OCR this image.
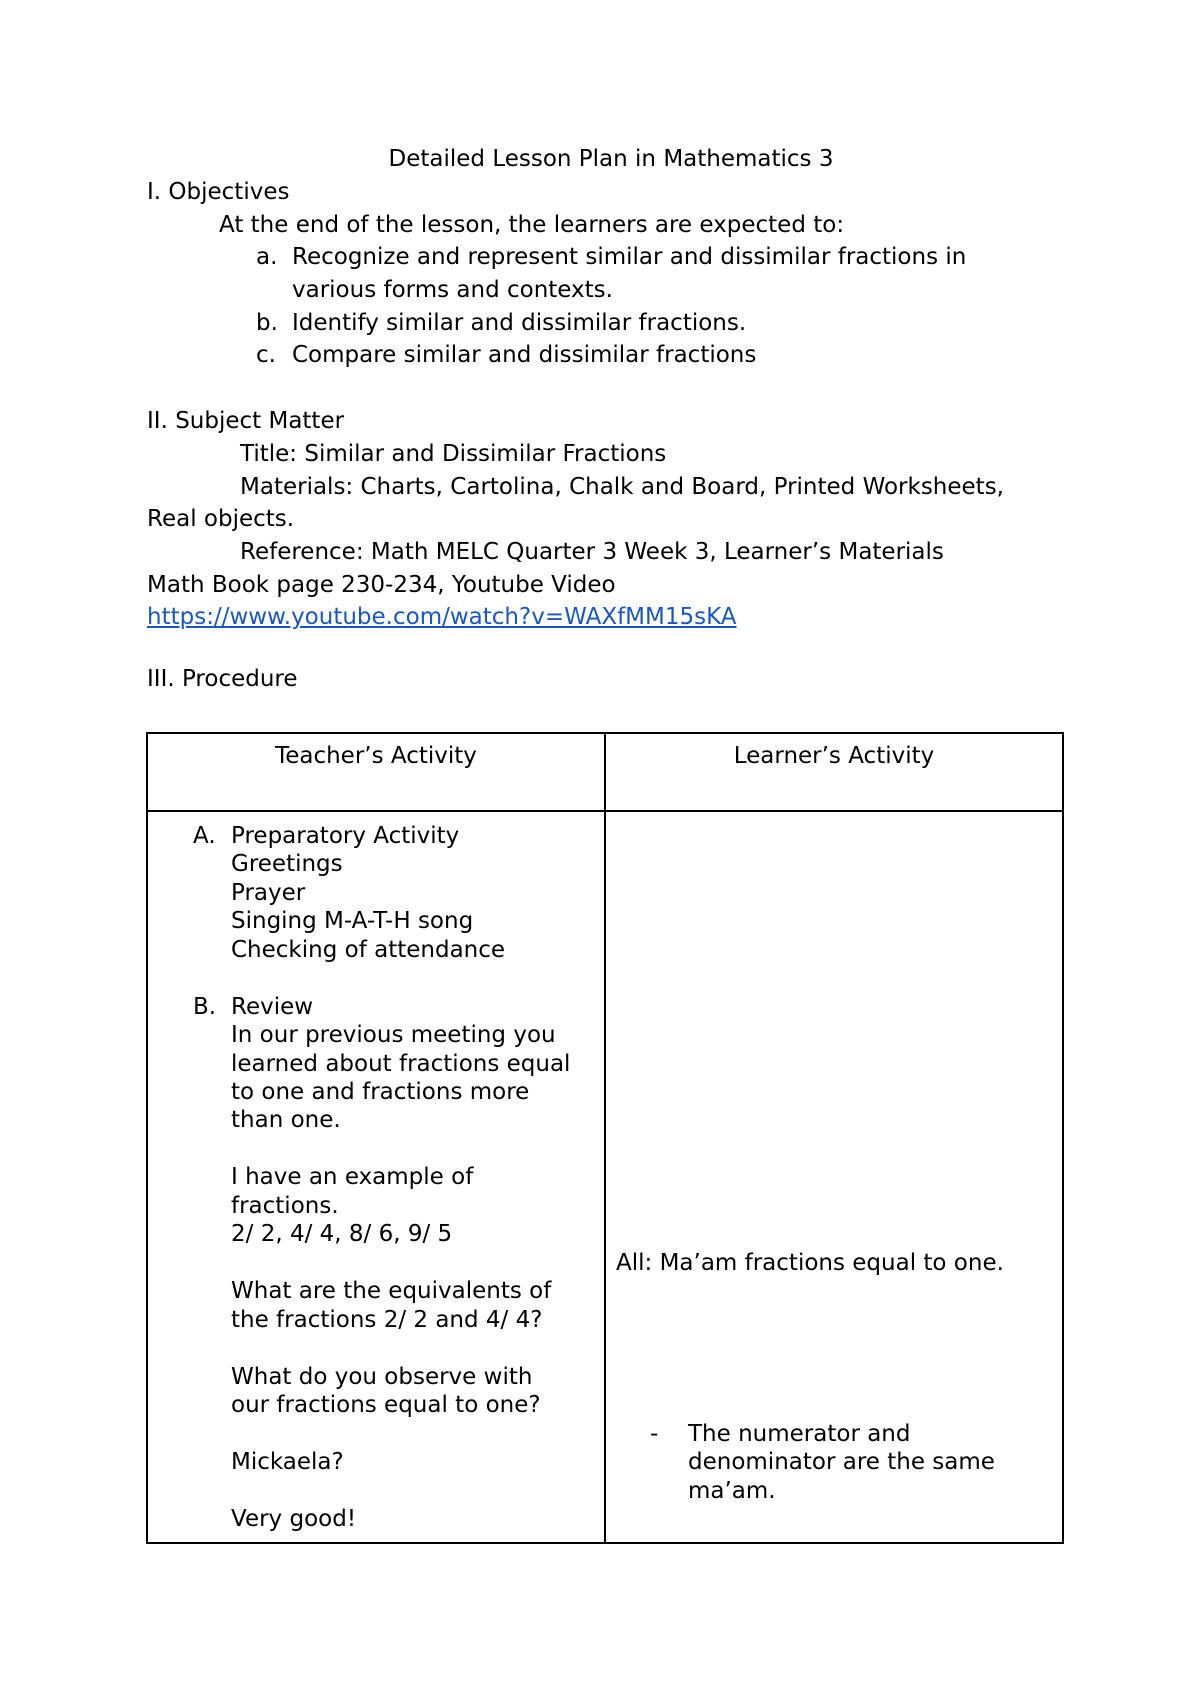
Detailed Lesson Plan in Mathematics 3
I. Objectives
At the end of the lesson, the learners are expected to:
a. Recognize and represent similar and dissimilar fractions in
various forms and contexts.
b. Identify similar and dissimilar fractions.
c. Compare similar and dissimilar fractions
II. Subject Matter
Title: Similar and Dissimilar Fractions
Materials: Charts, Cartolina, Chalk and Board, Printed Worksheets,
Real objects.
Reference: Math MELC Quarter 3 Week 3, Learner’s Materials
Math Book page 230-234, Youtube Video
https://www.youtube.com/watch?v=WAXfMM15sKA
III. Procedure
Teacher’s Activity	Learner’s Activity
A. Preparatory Activity
Greetings
Prayer
Singing M-A-T-H song
Checking of attendance
B. Review
In our previous meeting you
learned about fractions equal
to one and fractions more
than one.
I have an example of
fractions.
2/ 2, 4/ 4, 8/ 6, 9/ 5
What are the equivalents of
the fractions 2/ 2 and 4/ 4?
What do you observe with
our fractions equal to one?
Mickaela?
Very good!
All: Ma’am fractions equal to one.
- The numerator and
denominator are the same
ma’am.
